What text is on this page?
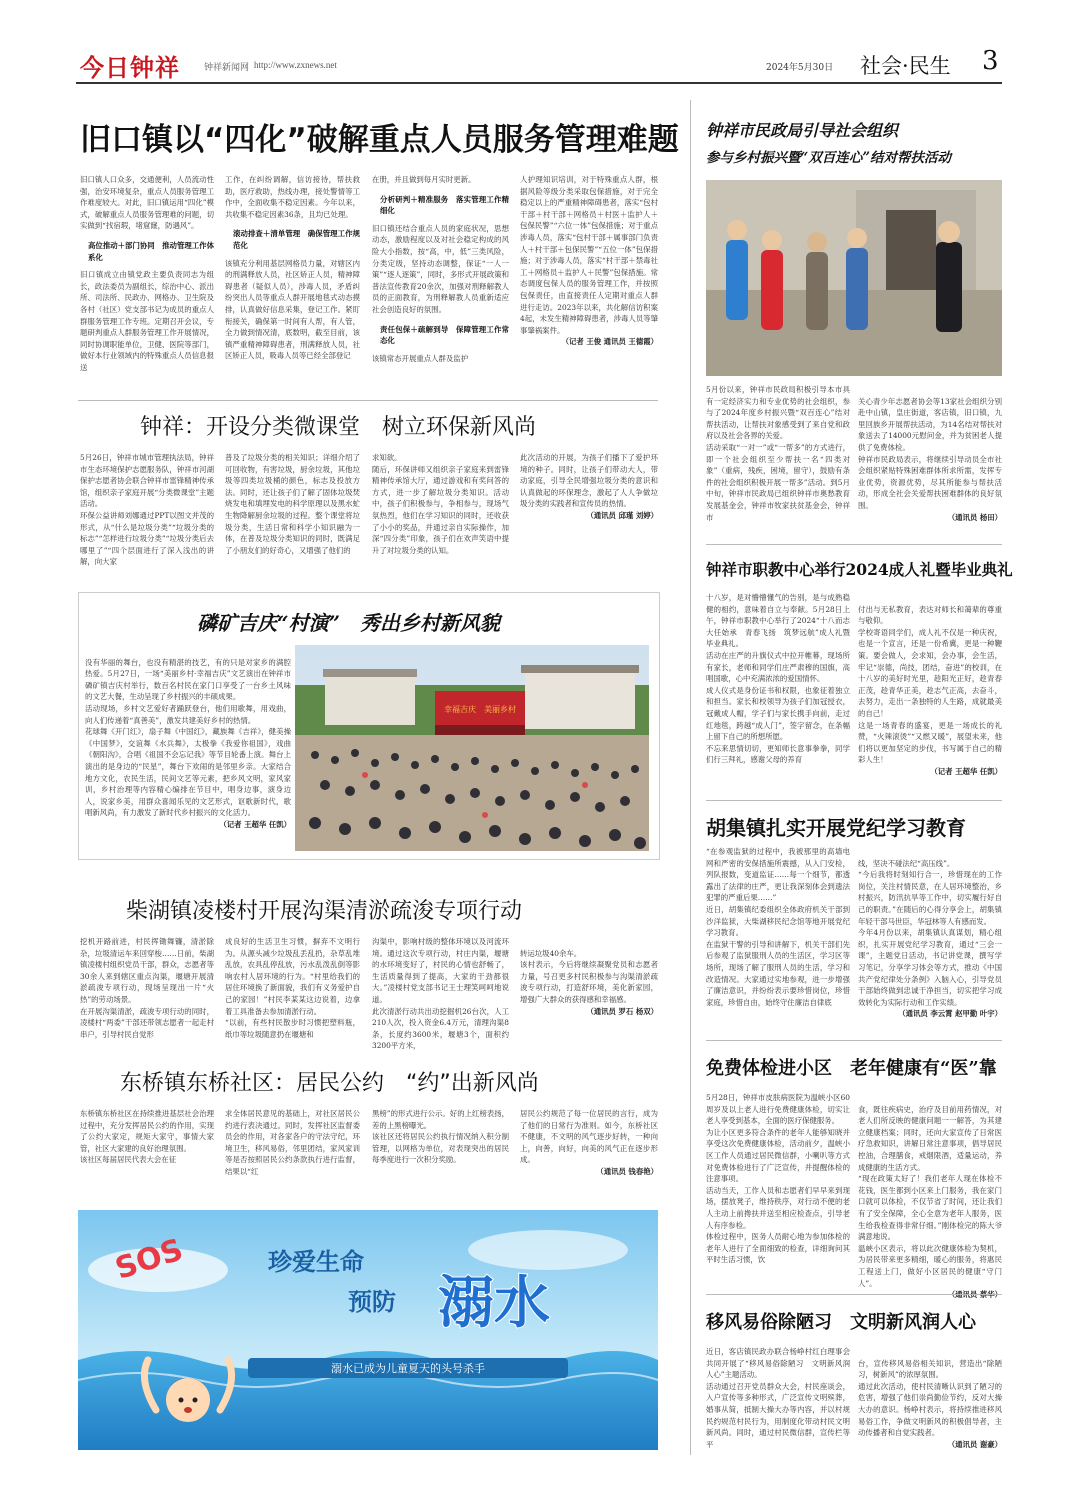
今日钟祥	钟祥新闻网 http://www.zxnews.net	2024年5月30日 社会·民生 3
旧口镇以“四化”破解重点人员服务管理难题
旧口镇人口众多，交通便利，人员流动性强，治安环境复杂，重点人员服务管理工作难度较大。对此，旧口镇运用“四化”模式，破解重点人员服务管理难的问题，切实做到“找宿瑕，堵窟窿，防遇风”。
高位推动＋部门协同　推动管理工作体系化
旧口镇成立由镇党政主要负责同志为组长，政法委员为副组长，综治中心、派出所、司法所、民政办、网格办、卫生院及各村（社区）党支部书记为成员的重点人群服务管理工作专班。定期召开会议，专题研判重点人群服务管理工作开展情况，同时协调职能单位，卫健、医院等部门，做好本行业领域内的特殊重点人员信息报送
工作，在纠纷调解，信访接待，帮扶救助，医疗救助，热线办理，接处警情等工作中，全面收集不稳定因素。今年以来，共收集不稳定因素36条，且均已处理。
滚动排查＋清单管理　确保管理工作规范化
该镇充分利用基层网格员力量，对辖区内的刑满释放人员，社区矫正人员，精神障碍患者（疑似人员），涉毒人员，矛盾纠纷突出人员等重点人群开展地毯式动态摸排，认真做好信息采集，登记工作。紧盯衔接关，确保第一时间有人帮，有人管，全力做到情况清，底数明，截至目前，该镇严重精神障碍患者，刑满释放人员，社区矫正人员，吸毒人员等已经全部登记
在册，并且做到每月实时更新。
分析研判＋精准服务　落实管理工作精细化
旧口镇还结合重点人员的家庭状况，思想动态，激励程度以及对社会稳定构成的风险大小指数，按“高，中，低”三类风险，分类定级，坚持动态调整，保证“一人一策”“逐人逐策”，同时，多形式开展政策和普法宣传教育20余次，加强对刑释解教人员的正面教育，为刑释解教人员重新适应社会创造良好的氛围。
责任包保＋疏解到导　保障管理工作常态化
该镇常态开展重点人群及监护
人护理知识培训，对于特殊重点人群，根据风险等级分类采取包保措施，对于完全稳定以上的严重精神障碍患者，落实“包村干部＋村干部＋网格员＋村医＋监护人＋包保民警”“六位一体”包保措施；对于重点涉毒人员，落实“包村干部＋属事部门负责人＋村干部＋包保民警”“五位一体”包保措施；对于涉毒人员，落实“村干部＋禁毒社工＋网格员＋监护人＋民警”包保措施。常态调度包保人员的服务管理工作，并按照包保责任，由直接责任人定期对重点人群进行走访。2023年以来，共化解信访积案4起，未发生精神障碍患者，涉毒人员等肇事肇祸案件。
（记者 王俊 通讯员 王德霞）
钟祥：开设分类微课堂　树立环保新风尚
5月26日，钟祥市城市管理执法局，钟祥市生态环境保护志愿服务队，钟祥市河湖保护志愿者协会联合钟祥市雷锋精神传承馆，组织亲子家庭开展“分类微课堂”主题活动。
环保公益讲师刘娜通过PPT以图文并茂的形式，从“什么是垃圾分类”“垃圾分类的标志”“怎样进行垃圾分类”“垃圾分类后去哪里了”“四个层面进行了深入浅出的讲解，向大家
普及了垃圾分类的相关知识；详细介绍了可回收物，有害垃圾，厨余垃圾，其他垃圾等四类垃圾桶的颜色，标志及投放方法。同时，还让孩子们了解了固体垃圾焚烧发电和填埋发电的科学原理以及黑水虻生物降解厨余垃圾的过程。整个课堂将垃圾分类，生活日常和科学小知识融为一体，在普及垃圾分类知识的同时，既满足了小朋友们的好奇心，又增强了他们的
求知欲。
随后，环保讲师又组织亲子家庭来到雷锋精神传承馆大厅，通过游戏和有奖问答的方式，进一步了解垃圾分类知识。活动中，孩子们积极参与，争相参与，现场气氛热烈，他们在学习知识的同时，还收获了小小的奖品，并通过亲自实际操作，加深“四分类”印象，孩子们在欢声笑语中提升了对垃圾分类的认知。
此次活动的开展，为孩子们播下了爱护环境的种子。同时，让孩子们带动大人，带动家庭，引导全民增强垃圾分类的意识和认真做起的环保理念，激起了人人争做垃圾分类的实践者和宣传员的热情。
（通讯员 邱瑾 刘婷）
磷矿吉庆“村演”　秀出乡村新风貌

没有华丽的舞台，也没有精湛的技艺，有的只是对家乡的满腔热爱。5月27日，一场“美丽乡村·幸福吉庆”文艺演出在钟祥市磷矿镇吉庆村举行，数百名村民在家门口享受了一台乡土风味的文艺大餐，生动呈现了乡村振兴的丰硕成果。
活动现场，乡村文艺爱好者踊跃登台，他们用歌舞，用戏曲，向人们传递着“真善美”，激发共建美好乡村的热情。
花球舞《开门红》，扇子舞《中国红》，藏族舞《吉祥》，健美操《中国梦》，交谊舞《水兵舞》，太极拳《我爱你祖国》，戏曲《朝阳沟》，合唱《祖国不会忘记我》等节目轮番上演。舞台上演出的是身边的“民星”，舞台下欢闹的是邻里乡亲。大家结合地方文化，农民生活，民间文艺等元素，把乡风文明，家风家训，乡村治理等内容精心编排在节目中，唱身边事，演身边人，说家乡美，用群众喜闻乐见的文艺形式，讴歌新时代，歌唱新风尚，有力激发了新时代乡村振兴的文化活力。

（记者 王超华 任凯）

幸福吉庆　美丽乡村
柴湖镇凌楼村开展沟渠清淤疏浚专项行动
挖机开路前进，村民挥锄舞镰，清淤除杂，垃圾清运车来回穿梭……日前，柴湖镇凌楼村组织党员干部，群众，志愿者等30余人来到辖区重点沟渠，堰塘开展清淤疏浚专项行动，现场呈现出一片“火热”的劳动场景。
在开展沟渠清淤，疏浚专项行动的同时，凌楼村“两委”干部还带领志愿者一起走村串户，引导村民自觉形
成良好的生活卫生习惯，摒弃不文明行为。从源头减少垃圾乱丢乱扔，杂草乱堆乱放，农具乱停乱放，污水乱泼乱倒等影响农村人居环境的行为。“村里给我们的居住环境换了新面貌，我们有义务爱护自己的家园！”村民李某某这边说着，边拿着工具准备去参加清淤行动。
“以前，有些村民散步时习惯把塑料瓶，纸巾等垃圾随意扔在堰塘和
沟渠中，影响村级的整体环境以及河流环境。通过这次专项行动，村庄内渠，堰塘的水环境变好了，村民的心情也舒畅了，生活质量得到了提高，大家的干劲都很大。”凌楼村党支部书记王士理笑呵呵地说道。
此次清淤行动共出动挖掘机26台次，人工210人次，投入资金6.4万元，清理沟渠8条，长度约3600米，堰塘3个，面积约3200平方米，

转运垃圾40余车。
该村表示，今后将继续凝聚党员和志愿者力量，号召更多村民积极参与沟渠清淤疏浚专项行动，打造舒环境，美化新家园，增强广大群众的获得感和幸福感。

（通讯员 罗石 杨双）

东桥镇东桥社区：居民公约　“约”出新风尚
东桥镇东桥社区在持续推进基层社会治理过程中，充分发挥居民公约的作用，实现了公约大家定，规矩大家守，事情大家管，社区大家建的良好治理氛围。
该社区每届居民代表大会在征
求全体居民意见的基础上，对社区居民公约进行表决通过。同时，发挥社区监督委员会的作用，对各家各户的守法守纪，环境卫生，移风易俗，邻里团结，家风家训等是否按照居民公约条款执行进行监督，结果以“红
黑榜”的形式进行公示。好的上红榜表扬，差的上黑榜曝光。
该社区还将居民公约执行情况纳入积分制管理，以网格为单位，对表现突出的居民每季度进行一次积分奖励。
居民公约规范了每一位居民的言行，成为了他们的日常行为准则。如今，东桥社区不健康，不文明的风气逐步好转，一种向上，向善，向好，向美的风气正在逐步形成。
（通讯员 钱春艳）
溺水已成为儿童夏天的头号杀手
SOS	珍爱生命
预防 溺水
钟祥市民政局引导社会组织
参与乡村振兴暨“双百连心”结对帮扶活动
5月份以来，钟祥市民政局积极引导本市具有一定经济实力和专业优势的社会组织，参与了2024年度乡村振兴暨“双百连心”结对帮扶活动，让帮扶对象感受到了来自党和政府以及社会各界的关爱。
活动采取“一对一”或“一帮多”的方式进行，即一个社会组织至少帮扶一名“四类对象”（重病，残疾，困境，留守），鼓励有条件的社会组织积极开展一帮多”活动。到5月中旬，钟祥市民政局已组织钟祥市奥愁教育发展基金会，钟祥市牧家扶贫基金会，钟祥市

关心青少年志愿者协会等13家社会组织分别赴中山镇，皇庄街道，客店镇，旧口镇，九里回族乡开展帮扶活动，为14名结对帮扶对象送去了14000元慰问金，并为贫困老人提供了免费体检。
钟祥市民政局表示，将继续引导动员全市社会组织紧贴特殊困难群体所求所需，发挥专业优势，资源优势，尽其所能参与帮扶活动，形成全社会关爱帮扶困难群体的良好氛围。

（通讯员 杨田）

钟祥市职教中心举行2024成人礼暨毕业典礼
十八岁，是对懵懵懂气的告别，是与成熟稳健的相约，意味着自立与奉献。5月28日上午，钟祥市职教中心举行了2024“十八而志　大任始承　青春飞扬　筑梦远航”成人礼暨毕业典礼。
活动在庄严的升旗仪式中拉开帷幕，现场所有家长，老师和同学们庄严肃穆的国旗，高唱国歌，心中充满浓浓的爱国情怀。
成人仪式是身份证书和权限，也象征着独立和担当。家长和校领导为孩子们加冠授衣，冠戴成人帽，学子们与家长携手向前，走过红地毯，跨越“成人门”，签字留念，在条幅上留下自己的所想所愿。
不忘来思情切切，更知师长意事拳拳，同学们行三拜礼，感谢父母的养育

付出与无私教育，表达对师长和蔼辈的尊重与敬仰。
学校寄语同学们，成人礼不仅是一种庆祝，也是一个宣言，还是一份希冀，更是一种鞭策。要会做人，会求知，会办事，会生活，牢记“崇德，尚技，团结，奋进”的校训，在十八岁的美好时光里，趁阳光正好，趁青春正茂，趁青华正美，趁志气正高，去奋斗，去努力，走出一条独特的人生路，成就最美的自己！
这是一场青春的盛宴，更是一场成长的礼赞，“火辣滚烫”“又燃又暖”，展望未来，他们将以更加坚定的步伐，书写属于自己的精彩人生！

（记者 王超华 任凯）

胡集镇扎实开展党纪学习教育
“在参观监狱的过程中，我被那里的高墙电网和严密的安保措施所震撼，从入门安检，列队报数，变道监证……每一个细节，都透露出了法律的庄严，更让我深刻体会到遗法犯罪的严重后果……”
近日，胡集镇纪委组织全体政府机关干部到沙洋监狱，大柴湖移民纪念馆等地开展党纪学习教育。
在监狱干警的引导和讲解下，机关干部们先后参观了监狱服刑人员的生活区，学习区等场所，现场了解了服刑人员的生活，学习和改造情况。大家通过实地参观，进一步增强了廉洁意识，并纷纷表示要珍惜岗位，珍惜家庭，珍惜自由，始终守住廉洁自律底

线，坚决不碰法纪“高压线”。
“今后我将时刻知行合一，珍惜现在的工作岗位，关注村情民意，在人居环境整治，乡村振兴，防汛抗旱等工作中，切实履行好自己的职责。”在随后的心得分享会上，胡集镇年轻干部马世臣，华冠林等人有感而发。
今年4月份以来，胡集镇认真谋划，精心组织，扎实开展党纪学习教育，通过“三会一课”，主题党日活动，书记讲党课，撰写学习笔记，分享学习体会等方式，推动《中国共产党纪律处分条例》入脑入心，引导党员干部始终做到忠诚干净担当，切实把学习成效转化为实际行动和工作实绩。

（通讯员 李云霄 赵甲勤 叶宇）

免费体检进小区　老年健康有“医”靠
5月28日，钟祥市皮肤病医院为温峡小区60周岁及以上老人进行免费健康体检，切实让老人享受到基本，全面的医疗保健服务。
为让小区更多符合条件的老年人能够知晓并享受这次免费健康体检，活动前夕，温峡小区工作人员通过居民微信群，小喇叭等方式对免费体检进行了广泛宣传，并提醒体检的注意事项。
活动当天，工作人员和志愿者们早早来到现场，摆放凳子，维持秩序，对行动不便的老人主动上前搀扶并送至相应检查点，引导老人有序参检。
体检过程中，医务人员耐心地为参加体检的老年人进行了全面细致的检查，详细询问其平时生活习惯，饮

食，既往疾病史，治疗及目前用药情况，对老人们所反映的健康问题一一解答，为其建立健康档案；同时，还向大家宣传了日常医疗急救知识，讲解日常注意事项，倡导居民控油，合理膳食，戒烟限酒，适量运动，养成健康的生活方式。
“现在政策太好了！我们老年人现在体检不花钱，医生都到小区来上门服务，我在家门口就可以体检，不仅节省了时间，还让我们有了安全保障，全心全意为老年人服务，医生给我检查得非常仔细。”刚体检完的陈大爷满意地说。
温峡小区表示，将以此次健康体检为契机，为居民带来更多精细，暖心的服务，将惠民工程送上门，做好小区居民的健康“守门人”。

移风易俗除陋习　文明新风润人心
近日，客店镇民政办联合杨峥村红白理事会共同开展了“移风易俗除陋习　文明新风润人心”主题活动。
活动通过召开党员群众大会，村民座谈会，入户宣传等多种形式，广泛宣传文明殡葬，婚事从简，抵制大操大办等内容，并以村规民约规范村民行为，用制度化带动村民文明新风尚。同时，通过村民微信群，宣传栏等平

台，宣传移风易俗相关知识，营造出“除陋习，树新风”的浓厚氛围。
通过此次活动，使村民清晰认识到了陋习的危害，增强了他们崇尚勤俭节约，反对大操大办的意识。杨峥村表示，将持续推进移风易俗工作，争做文明新风的积极倡导者，主动传播者和自觉实践者。

（通讯员 谢豪）
